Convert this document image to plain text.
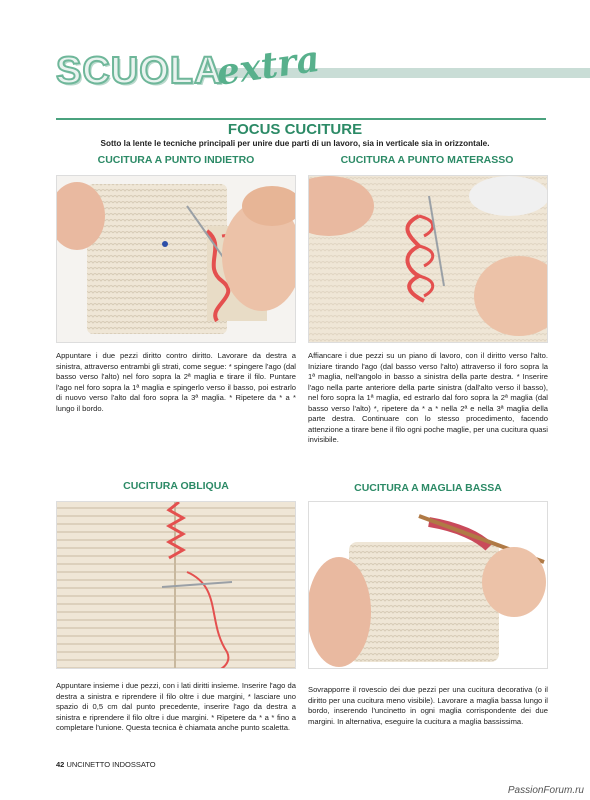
SCUOLA
extra
FOCUS CUCITURE
Sotto la lente le tecniche principali per unire due parti di un lavoro, sia in verticale sia in orizzontale.
CUCITURA A PUNTO INDIETRO
Appuntare i due pezzi diritto contro diritto. Lavorare da destra a sinistra, attraverso entrambi gli strati, come segue: * spingere l'ago (dal basso verso l'alto) nel foro sopra la 2ª maglia e tirare il filo. Puntare l'ago nel foro sopra la 1ª maglia e spingerlo verso il basso, poi estrarlo di nuovo verso l'alto dal foro sopra la 3ª maglia. * Ripetere da * a * lungo il bordo.
CUCITURA A PUNTO MATERASSO
Affiancare i due pezzi su un piano di lavoro, con il diritto verso l'alto. Iniziare tirando l'ago (dal basso verso l'alto) attraverso il foro sopra la 1ª maglia, nell'angolo in basso a sinistra della parte destra. * Inserire l'ago nella parte anteriore della parte sinistra (dall'alto verso il basso), nel foro sopra la 1ª maglia, ed estrarlo dal foro sopra la 2ª maglia (dal basso verso l'alto) *, ripetere da * a * nella 2ª e nella 3ª maglia della parte destra. Continuare con lo stesso procedimento, facendo attenzione a tirare bene il filo ogni poche maglie, per una cucitura quasi invisibile.
CUCITURA OBLIQUA
Appuntare insieme i due pezzi, con i lati diritti insieme. Inserire l'ago da destra a sinistra e riprendere il filo oltre i due margini, * lasciare uno spazio di 0,5 cm dal punto precedente, inserire l'ago da destra a sinistra e riprendere il filo oltre i due margini. * Ripetere da * a * fino a completare l'unione. Questa tecnica è chiamata anche punto scaletta.
CUCITURA A MAGLIA BASSA
Sovrapporre il rovescio dei due pezzi per una cucitura decorativa (o il diritto per una cucitura meno visibile). Lavorare a maglia bassa lungo il bordo, inserendo l'uncinetto in ogni maglia corrispondente dei due margini. In alternativa, eseguire la cucitura a maglia bassissima.
42 UNCINETTO INDOSSATO
PassionForum.ru
